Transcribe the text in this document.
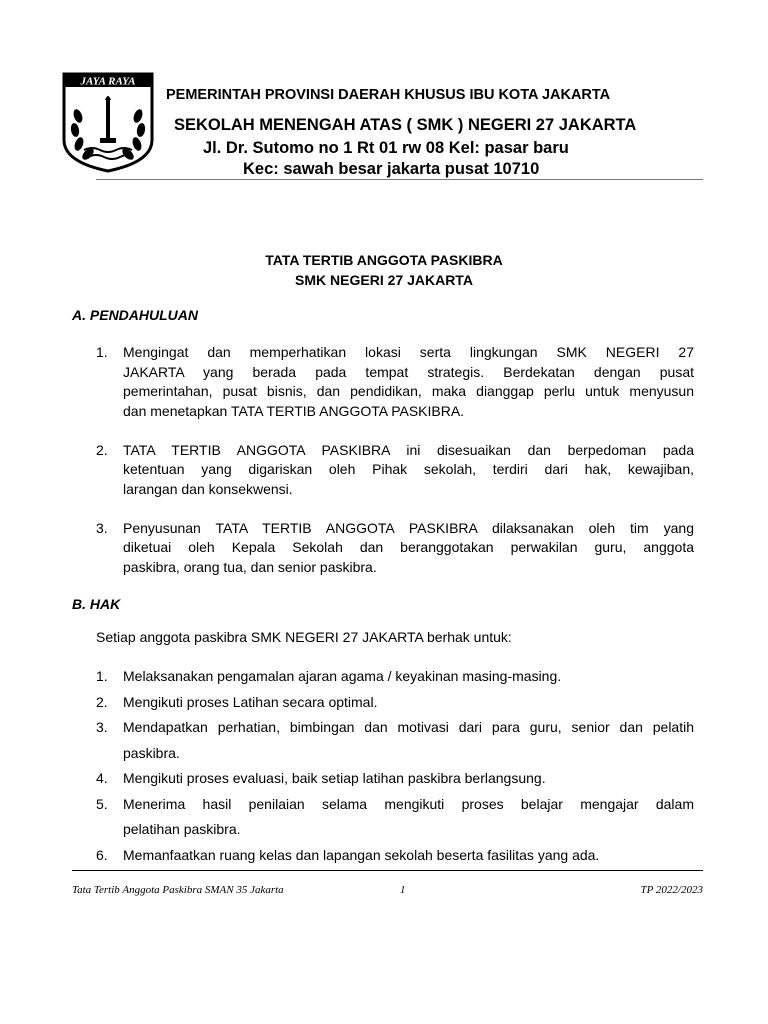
JAYA RAYA
PEMERINTAH PROVINSI DAERAH KHUSUS IBU KOTA JAKARTA
SEKOLAH MENENGAH ATAS ( SMK ) NEGERI 27 JAKARTA
Jl. Dr. Sutomo no 1 Rt 01 rw 08 Kel: pasar baru
Kec: sawah besar jakarta pusat 10710
TATA TERTIB ANGGOTA PASKIBRA
SMK NEGERI 27 JAKARTA
A. PENDAHULUAN
1. Mengingat dan memperhatikan lokasi serta lingkungan SMK NEGERI 27
JAKARTA yang berada pada tempat strategis. Berdekatan dengan pusat
pemerintahan, pusat bisnis, dan pendidikan, maka dianggap perlu untuk menyusun
dan menetapkan TATA TERTIB ANGGOTA PASKIBRA.
2. TATA TERTIB ANGGOTA PASKIBRA ini disesuaikan dan berpedoman pada
ketentuan yang digariskan oleh Pihak sekolah, terdiri dari hak, kewajiban,
larangan dan konsekwensi.
3. Penyusunan TATA TERTIB ANGGOTA PASKIBRA dilaksanakan oleh tim yang
diketuai oleh Kepala Sekolah dan beranggotakan perwakilan guru, anggota
paskibra, orang tua, dan senior paskibra.
B. HAK
Setiap anggota paskibra SMK NEGERI 27 JAKARTA berhak untuk:
1. Melaksanakan pengamalan ajaran agama / keyakinan masing-masing.
2. Mengikuti proses Latihan secara optimal.
3. Mendapatkan perhatian, bimbingan dan motivasi dari para guru, senior dan pelatih
paskibra.
4. Mengikuti proses evaluasi, baik setiap latihan paskibra berlangsung.
5. Menerima hasil penilaian selama mengikuti proses belajar mengajar dalam
pelatihan paskibra.
6. Memanfaatkan ruang kelas dan lapangan sekolah beserta fasilitas yang ada.
Tata Tertib Anggota Paskibra SMAN 35 Jakarta	1	TP 2022/2023
